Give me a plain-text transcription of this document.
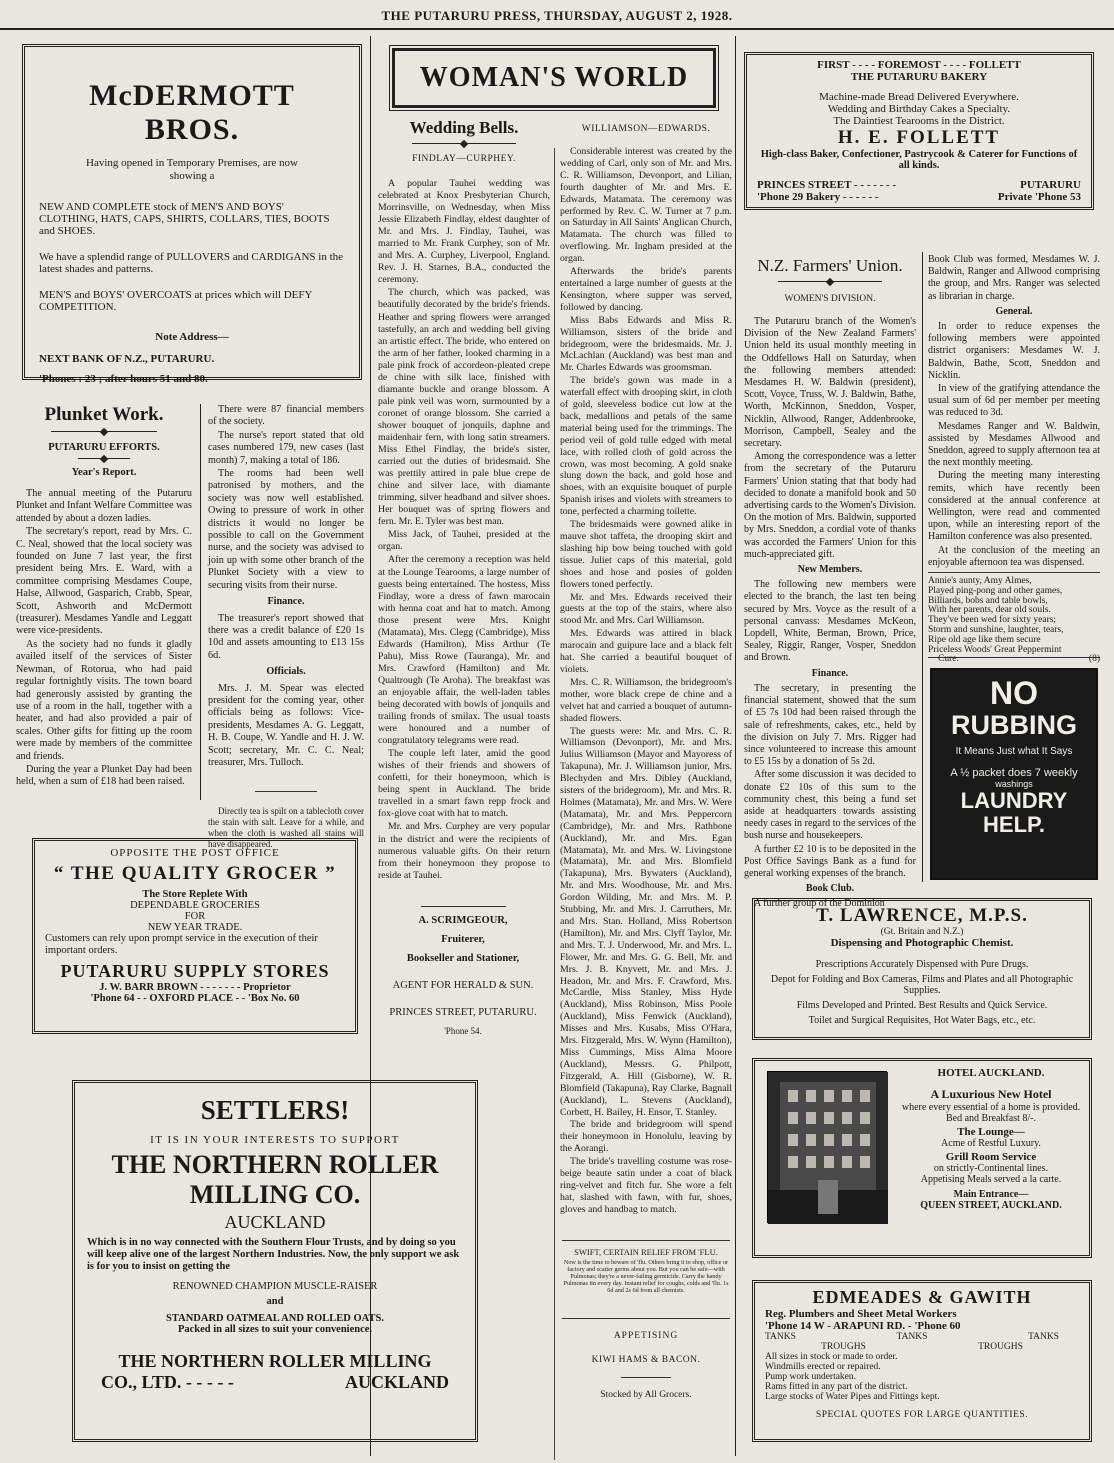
THE PUTARURU PRESS, THURSDAY, AUGUST 2, 1928.
McDERMOTT BROS.
Having opened in Temporary Premises, are now showing a
NEW AND COMPLETE stock of MEN'S AND BOYS' CLOTHING, HATS, CAPS, SHIRTS, COLLARS, TIES, BOOTS and SHOES.
We have a splendid range of PULLOVERS and CARDIGANS in the latest shades and patterns.
MEN'S and BOYS' OVERCOATS at prices which will DEFY COMPETITION.
Note Address—
NEXT BANK OF N.Z., PUTARURU.
'Phones : 23 ; after hours 51 and 80.
Plunket Work.
PUTARURU EFFORTS.
Year's Report.

The annual meeting of the Putaruru Plunket and Infant Welfare Committee was attended by about a dozen ladies.

The secretary's report, read by Mrs. C. C. Neal, showed that the local society was founded on June 7 last year, the first president being Mrs. E. Ward, with a committee comprising Mesdames Coupe, Halse, Allwood, Gasparich, Crabb, Spear, Scott, Ashworth and McDermott (treasurer). Mesdames Yandle and Leggatt were vice-presidents.

As the society had no funds it gladly availed itself of the services of Sister Newman, of Rotorua, who had paid regular fortnightly visits. The town board had generously assisted by granting the use of a room in the hall, together with a heater, and had also provided a pair of scales. Other gifts for fitting up the room were made by members of the committee and friends.

During the year a Plunket Day had been held, when a sum of £18 had been raised.

There were 87 financial members of the society.

The nurse's report stated that old cases numbered 179, new cases (last month) 7, making a total of 186.

The rooms had been well patronised by mothers, and the society was now well established. Owing to pressure of work in other districts it would no longer be possible to call on the Government nurse, and the society was advised to join up with some other branch of the Plunket Society with a view to securing visits from their nurse.

Finance.

The treasurer's report showed that there was a credit balance of £20 1s 10d and assets amounting to £13 15s 6d.

Officials.

Mrs. J. M. Spear was elected president for the coming year, other officials being as follows: Vice-presidents, Mesdames A. G. Leggatt, H. B. Coupe, W. Yandle and H. J. W. Scott; secretary, Mr. C. C. Neal; treasurer, Mrs. Tulloch.

Directly tea is spilt on a tablecloth cover the stain with salt. Leave for a while, and when the cloth is washed all stains will have disappeared.

OPPOSITE THE POST OFFICE
“ THE QUALITY GROCER ”
The Store Replete With
DEPENDABLE GROCERIES
FOR
NEW YEAR TRADE.
Customers can rely upon prompt service in the execution of their important orders.
PUTARURU SUPPLY STORES
J. W. BARR BROWN - - - - - - - Proprietor
'Phone 64 - - OXFORD PLACE - - 'Box No. 60
SETTLERS!
IT IS IN YOUR INTERESTS TO SUPPORT
THE NORTHERN ROLLER
MILLING CO.
AUCKLAND
Which is in no way connected with the Southern Flour Trusts, and by doing so you will keep alive one of the largest Northern Industries. Now, the only support we ask is for you to insist on getting the
RENOWNED CHAMPION MUSCLE-RAISER
and
STANDARD OATMEAL AND ROLLED OATS.
Packed in all sizes to suit your convenience.
THE NORTHERN ROLLER MILLING
CO., LTD. - - - - -	AUCKLAND
WOMAN'S WORLD
Wedding Bells.
FINDLAY—CURPHEY.

A popular Tauhei wedding was celebrated at Knox Presbyterian Church, Morrinsville, on Wednesday, when Miss Jessie Elizabeth Findlay, eldest daughter of Mr. and Mrs. J. Findlay, Tauhei, was married to Mr. Frank Curphey, son of Mr. and Mrs. A. Curphey, Liverpool, England. Rev. J. H. Starnes, B.A., conducted the ceremony.

The church, which was packed, was beautifully decorated by the bride's friends. Heather and spring flowers were arranged tastefully, an arch and wedding bell giving an artistic effect. The bride, who entered on the arm of her father, looked charming in a pale pink frock of accordeon-pleated crepe de chine with silk lace, finished with diamante buckle and orange blossom. A pale pink veil was worn, surmounted by a coronet of orange blossom. She carried a shower bouquet of jonquils, daphne and maidenhair fern, with long satin streamers. Miss Ethel Findlay, the bride's sister, carried out the duties of bridesmaid. She was prettily attired in pale blue crepe de chine and silver lace, with diamante trimming, silver headband and silver shoes. Her bouquet was of spring flowers and fern. Mr. E. Tyler was best man.

Miss Jack, of Tauhei, presided at the organ.

After the ceremony a reception was held at the Lounge Tearooms, a large number of guests being entertained. The hostess, Miss Findlay, wore a dress of fawn marocain with henna coat and hat to match. Among those present were Mrs. Knight (Matamata), Mrs. Clegg (Cambridge), Miss Edwards (Hamilton), Miss Arthur (Te Pahu), Miss Rowe (Tauranga), Mr. and Mrs. Crawford (Hamilton) and Mr. Qualtrough (Te Aroha). The breakfast was an enjoyable affair, the well-laden tables being decorated with bowls of jonquils and trailing fronds of smilax. The usual toasts were honoured and a number of congratulatory telegrams were read.

The couple left later, amid the good wishes of their friends and showers of confetti, for their honeymoon, which is being spent in Auckland. The bride travelled in a smart fawn repp frock and fox-glove coat with hat to match.

Mr. and Mrs. Curphey are very popular in the district and were the recipients of numerous valuable gifts. On their return from their honeymoon they propose to reside at Tauhei.

A. SCRIMGEOUR,
Fruiterer,
Bookseller and Stationer,
AGENT FOR HERALD & SUN.
PRINCES STREET, PUTARURU.
'Phone 54.
WILLIAMSON—EDWARDS.

Considerable interest was created by the wedding of Carl, only son of Mr. and Mrs. C. R. Williamson, Devonport, and Lilian, fourth daughter of Mr. and Mrs. E. Edwards, Matamata. The ceremony was performed by Rev. C. W. Turner at 7 p.m. on Saturday in All Saints' Anglican Church, Matamata. The church was filled to overflowing. Mr. Ingham presided at the organ.

Afterwards the bride's parents entertained a large number of guests at the Kensington, where supper was served, followed by dancing.

Miss Babs Edwards and Miss R. Williamson, sisters of the bride and bridegroom, were the bridesmaids. Mr. J. McLachlan (Auckland) was best man and Mr. Charles Edwards was groomsman.

The bride's gown was made in a waterfall effect with drooping skirt, in cloth of gold, sleeveless bodice cut low at the back, medallions and petals of the same material being used for the trimmings. The period veil of gold tulle edged with metal lace, with rolled cloth of gold across the crown, was most becoming. A gold snake slung down the back, and gold hose and shoes, with an exquisite bouquet of purple Spanish irises and violets with streamers to tone, perfected a charming toilette.

The bridesmaids were gowned alike in mauve shot taffeta, the drooping skirt and slashing hip bow being touched with gold tissue. Juliet caps of this material, gold shoes and hose and posies of golden flowers toned perfectly.

Mr. and Mrs. Edwards received their guests at the top of the stairs, where also stood Mr. and Mrs. Carl Williamson.

Mrs. Edwards was attired in black marocain and guipure lace and a black felt hat. She carried a beautiful bouquet of violets.

Mrs. C. R. Williamson, the bridegroom's mother, wore black crepe de chine and a velvet hat and carried a bouquet of autumn-shaded flowers.

The guests were: Mr. and Mrs. C. R. Williamson (Devonport), Mr. and Mrs. Julius Williamson (Mayor and Mayoress of Takapuna), Mr. J. Williamson junior, Mrs. Blechyden and Mrs. Dibley (Auckland, sisters of the bridegroom), Mr. and Mrs. R. Holmes (Matamata), Mr. and Mrs. W. Were (Matamata), Mr. and Mrs. Peppercorn (Cambridge), Mr. and Mrs. Rathbone (Auckland), Mr. and Mrs. Egan (Matamata), Mr. and Mrs. W. Livingstone (Matamata), Mr. and Mrs. Blomfield (Takapuna), Mrs. Bywaters (Auckland), Mr. and Mrs. Woodhouse, Mr. and Mrs. Gordon Wilding, Mr. and Mrs. M. P. Stubbing, Mr. and Mrs. J. Carruthers, Mr. and Mrs. Stan. Holland, Miss Robertson (Hamilton), Mr. and Mrs. Clyff Taylor, Mr. and Mrs. T. J. Underwood, Mr. and Mrs. L. Flower, Mr. and Mrs. G. G. Bell, Mr. and Mrs. J. B. Knyvett, Mr. and Mrs. J. Headon, Mr. and Mrs. F. Crawford, Mrs. McCardle, Miss Stanley, Miss Hyde (Auckland), Miss Robinson, Miss Poole (Auckland), Miss Fenwick (Auckland), Misses and Mrs. Kusabs, Miss O'Hara, Mrs. Fitzgerald, Mrs. W. Wynn (Hamilton), Miss Cummings, Miss Alma Moore (Auckland), Messrs. G. Philpott, Fitzgerald, A. Hill (Gisborne), W. R. Blomfield (Takapuna), Ray Clarke, Bagnall (Auckland), L. Stevens (Auckland), Corbett, H. Bailey, H. Ensor, T. Stanley.

The bride and bridegroom will spend their honeymoon in Honolulu, leaving by the Aorangi.

The bride's travelling costume was rose-beige beaute satin under a coat of black ring-velvet and fitch fur. She wore a felt hat, slashed with fawn, with fur, shoes, gloves and handbag to match.

SWIFT, CERTAIN RELIEF FROM 'FLU.
Now is the time to beware of 'flu. Others bring it to shop, office or factory and scatter germs about you. But you can be safe—with Pulmonas; they're a never-failing germicide. Carry the handy Pulmonas tin every day. Instant relief for coughs, colds and 'flu. 1s 6d and 2s 6d from all chemists.
APPETISING
KIWI HAMS & BACON.
Stocked by All Grocers.
FIRST - - - - FOREMOST - - - - FOLLETT
THE PUTARURU BAKERY
Machine-made Bread Delivered Everywhere.
Wedding and Birthday Cakes a Specialty.
The Daintiest Tearooms in the District.
H. E. FOLLETT
High-class Baker, Confectioner, Pastrycook & Caterer for Functions of all kinds.
PRINCES STREET - - - - - - -	PUTARURU
'Phone 29 Bakery - - - - - -	Private 'Phone 53
N.Z. Farmers' Union.
WOMEN'S DIVISION.

The Putaruru branch of the Women's Division of the New Zealand Farmers' Union held its usual monthly meeting in the Oddfellows Hall on Saturday, when the following members attended: Mesdames H. W. Baldwin (president), Scott, Voyce, Truss, W. J. Baldwin, Bathe, Worth, McKinnon, Sneddon, Vosper, Nicklin, Allwood, Ranger, Addenbrooke, Morrison, Campbell, Sealey and the secretary.

Among the correspondence was a letter from the secretary of the Putaruru Farmers' Union stating that that body had decided to donate a manifold book and 50 advertising cards to the Women's Division. On the motion of Mrs. Baldwin, supported by Mrs. Sneddon, a cordial vote of thanks was accorded the Farmers' Union for this much-appreciated gift.

New Members.

The following new members were elected to the branch, the last ten being secured by Mrs. Voyce as the result of a personal canvass: Mesdames McKeon, Lopdell, White, Berman, Brown, Price, Sealey, Riggir, Ranger, Vosper, Sneddon and Brown.

Finance.

The secretary, in presenting the financial statement, showed that the sum of £5 7s 10d had been raised through the sale of refreshments, cakes, etc., held by the division on July 7. Mrs. Rigger had since volunteered to increase this amount to £5 15s by a donation of 5s 2d.

After some discussion it was decided to donate £2 10s of this sum to the community chest, this being a fund set aside at headquarters towards assisting needy cases in regard to the services of the bush nurse and housekeepers.

A further £2 10 is to be deposited in the Post Office Savings Bank as a fund for general working expenses of the branch.

Book Club.

A further group of the Dominion

Book Club was formed, Mesdames W. J. Baldwin, Ranger and Allwood comprising the group, and Mrs. Ranger was selected as librarian in charge.

General.

In order to reduce expenses the following members were appointed district organisers: Mesdames W. J. Baldwin, Bathe, Scott, Sneddon and Nicklin.

In view of the gratifying attendance the usual sum of 6d per member per meeting was reduced to 3d.

Mesdames Ranger and W. Baldwin, assisted by Mesdames Allwood and Sneddon, agreed to supply afternoon tea at the next monthly meeting.

During the meeting many interesting remits, which have recently been considered at the annual conference at Wellington, were read and commented upon, while an interesting report of the Hamilton conference was also presented.

At the conclusion of the meeting an enjoyable afternoon tea was dispensed.

Annie's aunty, Amy Almes,
Played ping-pong and other games,
Billiards, bobs and table bowls,
With her parents, dear old souls.
They've been wed for sixty years;
Storm and sunshine, laughter, tears,
Ripe old age like them secure
Priceless Woods' Great Peppermint
Cure.	(8)
NO
RUBBING
It Means Just what It Says
A ½ packet does 7 weekly
washings
LAUNDRY
HELP.
T. LAWRENCE, M.P.S.
(Gt. Britain and N.Z.)
Dispensing and Photographic Chemist.
Prescriptions Accurately Dispensed with Pure Drugs.
Depot for Folding and Box Cameras, Films and Plates and all Photographic Supplies.
Films Developed and Printed. Best Results and Quick Service.
Toilet and Surgical Requisites, Hot Water Bags, etc., etc.
HOTEL AUCKLAND.
A Luxurious New Hotel
where every essential of a home is provided. Bed and Breakfast 8/-.
The Lounge—
Acme of Restful Luxury.
Grill Room Service
on strictly-Continental lines.
Appetising Meals served a la carte.
Main Entrance—
QUEEN STREET, AUCKLAND.
EDMEADES & GAWITH
Reg. Plumbers and Sheet Metal Workers
'Phone 14 W - ARAPUNI RD. - 'Phone 60
TANKS	TANKS	TANKS
TROUGHS	TROUGHS
All sizes in stock or made to order.
Windmills erected or repaired.
Pump work undertaken.
Rams fitted in any part of the district.
Large stocks of Water Pipes and Fittings kept.
SPECIAL QUOTES FOR LARGE QUANTITIES.
